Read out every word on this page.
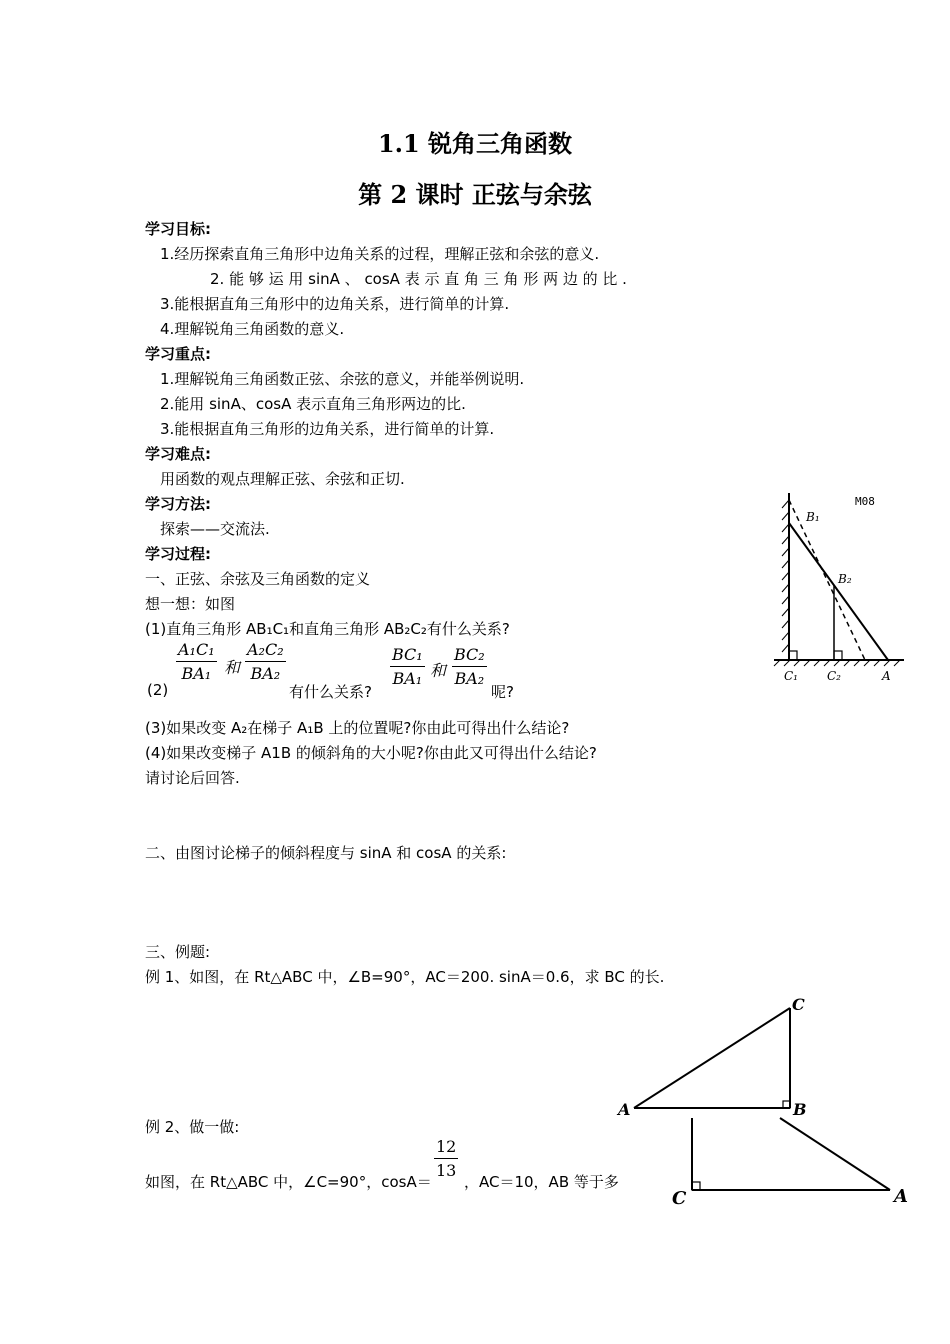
1.1 锐角三角函数
第 2 课时 正弦与余弦
学习目标:
1.经历探索直角三角形中边角关系的过程，理解正弦和余弦的意义.
2. 能 够 运 用 sinA 、 cosA 表 示 直 角 三 角 形 两 边 的 比 .
3.能根据直角三角形中的边角关系，进行简单的计算.
4.理解锐角三角函数的意义.
学习重点:
1.理解锐角三角函数正弦、余弦的意义，并能举例说明.
2.能用 sinA、cosA 表示直角三角形两边的比.
3.能根据直角三角形的边角关系，进行简单的计算.
学习难点:
用函数的观点理解正弦、余弦和正切.
学习方法:
探索——交流法.
学习过程:
一、正弦、余弦及三角函数的定义
想一想：如图
(1)直角三角形 AB₁C₁和直角三角形 AB₂C₂有什么关系?
(2)
$\frac{\text{A₁C₁}}{\text{BA₁}}$ 和 $\frac{\text{A₂C₂}}{\text{BA₂}}$
有什么关系?
$\frac{\text{BC₁}}{\text{BA₁}}$ 和 $\frac{\text{BC₂}}{\text{BA₂}}$
呢?
(3)如果改变 A₂在梯子 A₁B 上的位置呢?你由此可得出什么结论?
(4)如果改变梯子 A1B 的倾斜角的大小呢?你由此又可得出什么结论?
请讨论后回答.
二、由图讨论梯子的倾斜程度与 sinA 和 cosA 的关系:
三、例题:
例 1、如图，在 Rt△ABC 中，∠B=90°，AC＝200. sinA＝0.6，求 BC 的长.
例 2、做一做:
如图，在 Rt△ABC 中，∠C=90°，cosA＝
$\frac{12}{13}$
，AC＝10，AB 等于多
M08
B₁
B₂
C₁ C₂	A
A	B
C
C	A
